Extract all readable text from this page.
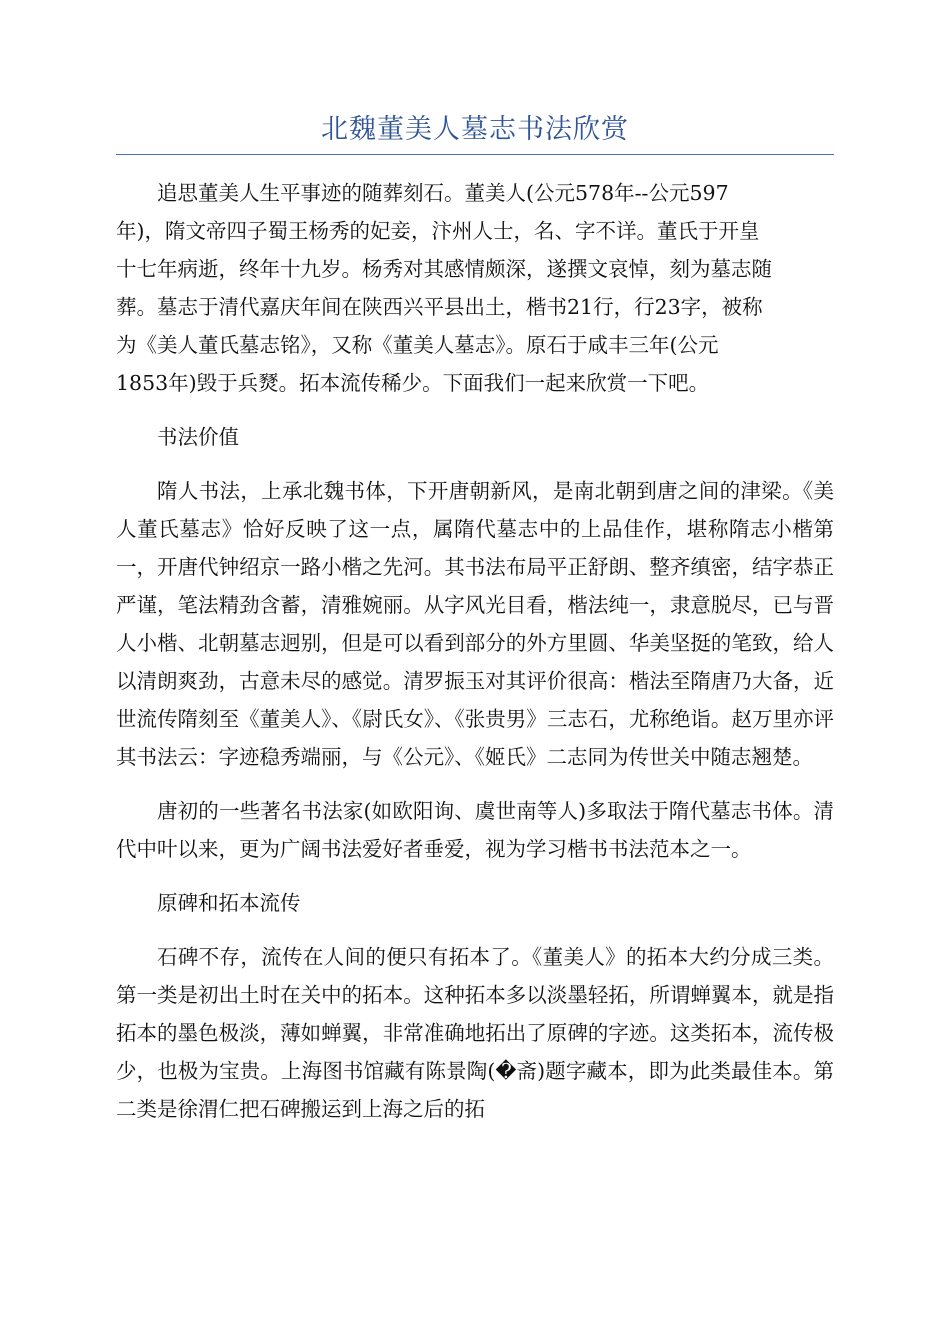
北魏董美人墓志书法欣赏

追思董美人生平事迹的随葬刻石。董美人(公元578年--公元597
年)，隋文帝四子蜀王杨秀的妃妾，汴州人士，名、字不详。董氏于开皇
十七年病逝，终年十九岁。杨秀对其感情颇深，遂撰文哀悼，刻为墓志随
葬。墓志于清代嘉庆年间在陕西兴平县出土，楷书21行，行23字，被称
为《美人董氏墓志铭》，又称《董美人墓志》。原石于咸丰三年(公元
1853年)毁于兵燹。拓本流传稀少。下面我们一起来欣赏一下吧。

书法价值

隋人书法，上承北魏书体，下开唐朝新风，是南北朝到唐之间的津梁。《美人董氏墓志》恰好反映了这一点，属隋代墓志中的上品佳作，堪称隋志小楷第一，开唐代钟绍京一路小楷之先河。其书法布局平正舒朗、整齐缜密，结字恭正严谨，笔法精劲含蓄，清雅婉丽。从字风光目看，楷法纯一，隶意脱尽，已与晋人小楷、北朝墓志迥别，但是可以看到部分的外方里圆、华美坚挺的笔致，给人以清朗爽劲，古意未尽的感觉。清罗振玉对其评价很高：楷法至隋唐乃大备，近世流传隋刻至《董美人》、《尉氏女》、《张贵男》三志石，尤称绝诣。赵万里亦评其书法云：字迹稳秀端丽，与《公元》、《姬氏》二志同为传世关中随志翘楚。

唐初的一些著名书法家(如欧阳询、虞世南等人)多取法于隋代墓志书体。清代中叶以来，更为广阔书法爱好者垂爱，视为学习楷书书法范本之一。

原碑和拓本流传

石碑不存，流传在人间的便只有拓本了。《董美人》的拓本大约分成三类。第一类是初出土时在关中的拓本。这种拓本多以淡墨轻拓，所谓蝉翼本，就是指拓本的墨色极淡，薄如蝉翼，非常准确地拓出了原碑的字迹。这类拓本，流传极少，也极为宝贵。上海图书馆藏有陈景陶(�斋)题字藏本，即为此类最佳本。第二类是徐渭仁把石碑搬运到上海之后的拓
